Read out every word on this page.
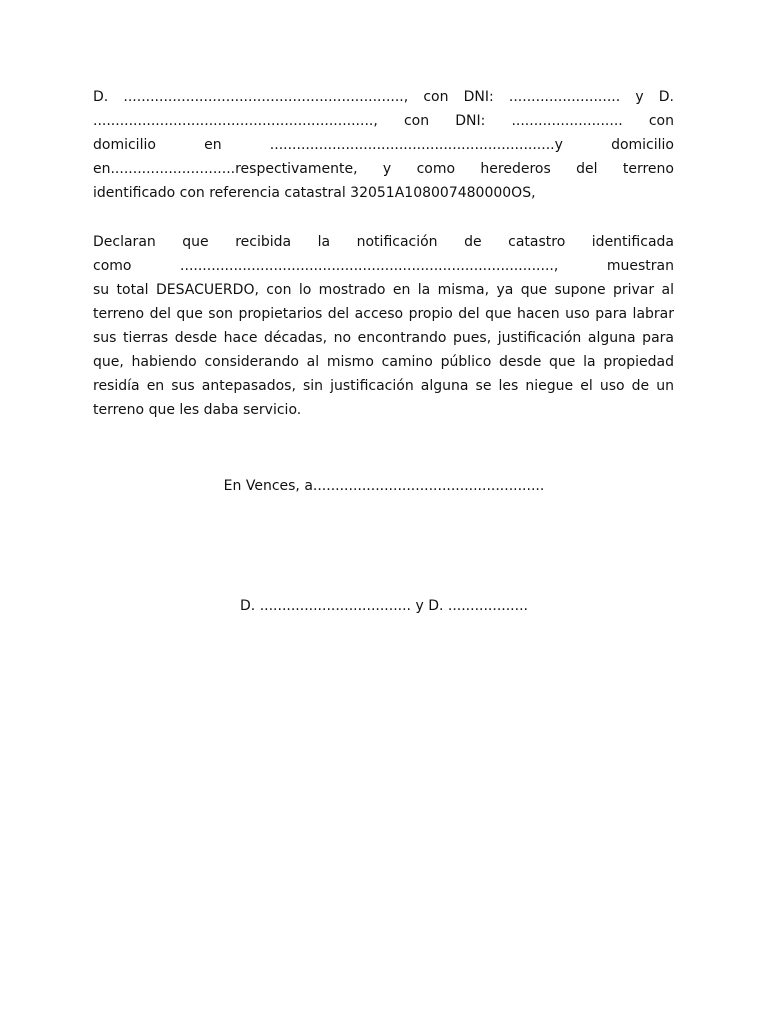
D. ..............................................................., con DNI: ......................... y D.
..............................................................., con DNI: ......................... con
domicilio en ................................................................y domicilio
en............................respectivamente, y como herederos del terreno
identificado con referencia catastral 32051A108007480000OS,
Declaran que recibida la notificación de catastro identificada
como ...................................................................................., muestran
su total DESACUERDO, con lo mostrado en la misma, ya que supone privar al
terreno del que son propietarios del acceso propio del que hacen uso para labrar
sus tierras desde hace décadas, no encontrando pues, justificación alguna para
que, habiendo considerando al mismo camino público desde que la propiedad
residía en sus antepasados, sin justificación alguna se les niegue el uso de un
terreno que les daba servicio.
En Vences, a....................................................
D. .................................. y D. ..................
